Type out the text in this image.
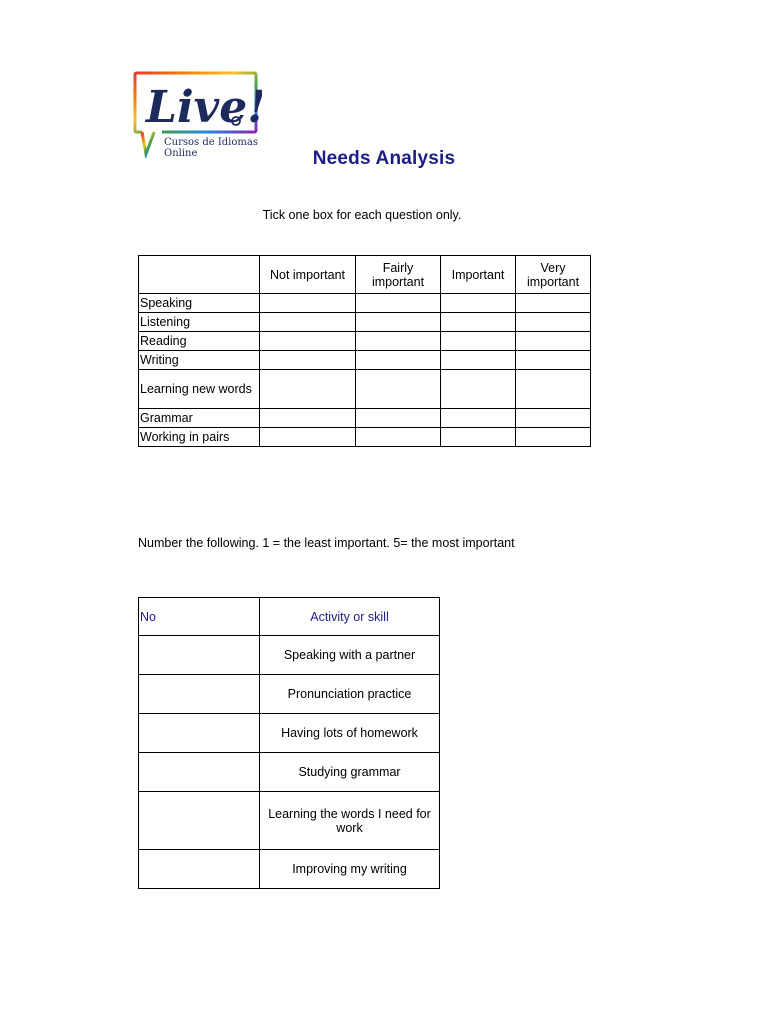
Live!
Cursos de Idiomas
Online	Needs Analysis
Tick one box for each question only.
	Not important	Fairly important	Important	Very important
Speaking				
Listening				
Reading				
Writing				
Learning new words				
Grammar				
Working in pairs				
Number the following. 1 = the least important. 5= the most important
No	Activity or skill
	Speaking with a partner
	Pronunciation practice
	Having lots of homework
	Studying grammar
	Learning the words I need for work
	Improving my writing
